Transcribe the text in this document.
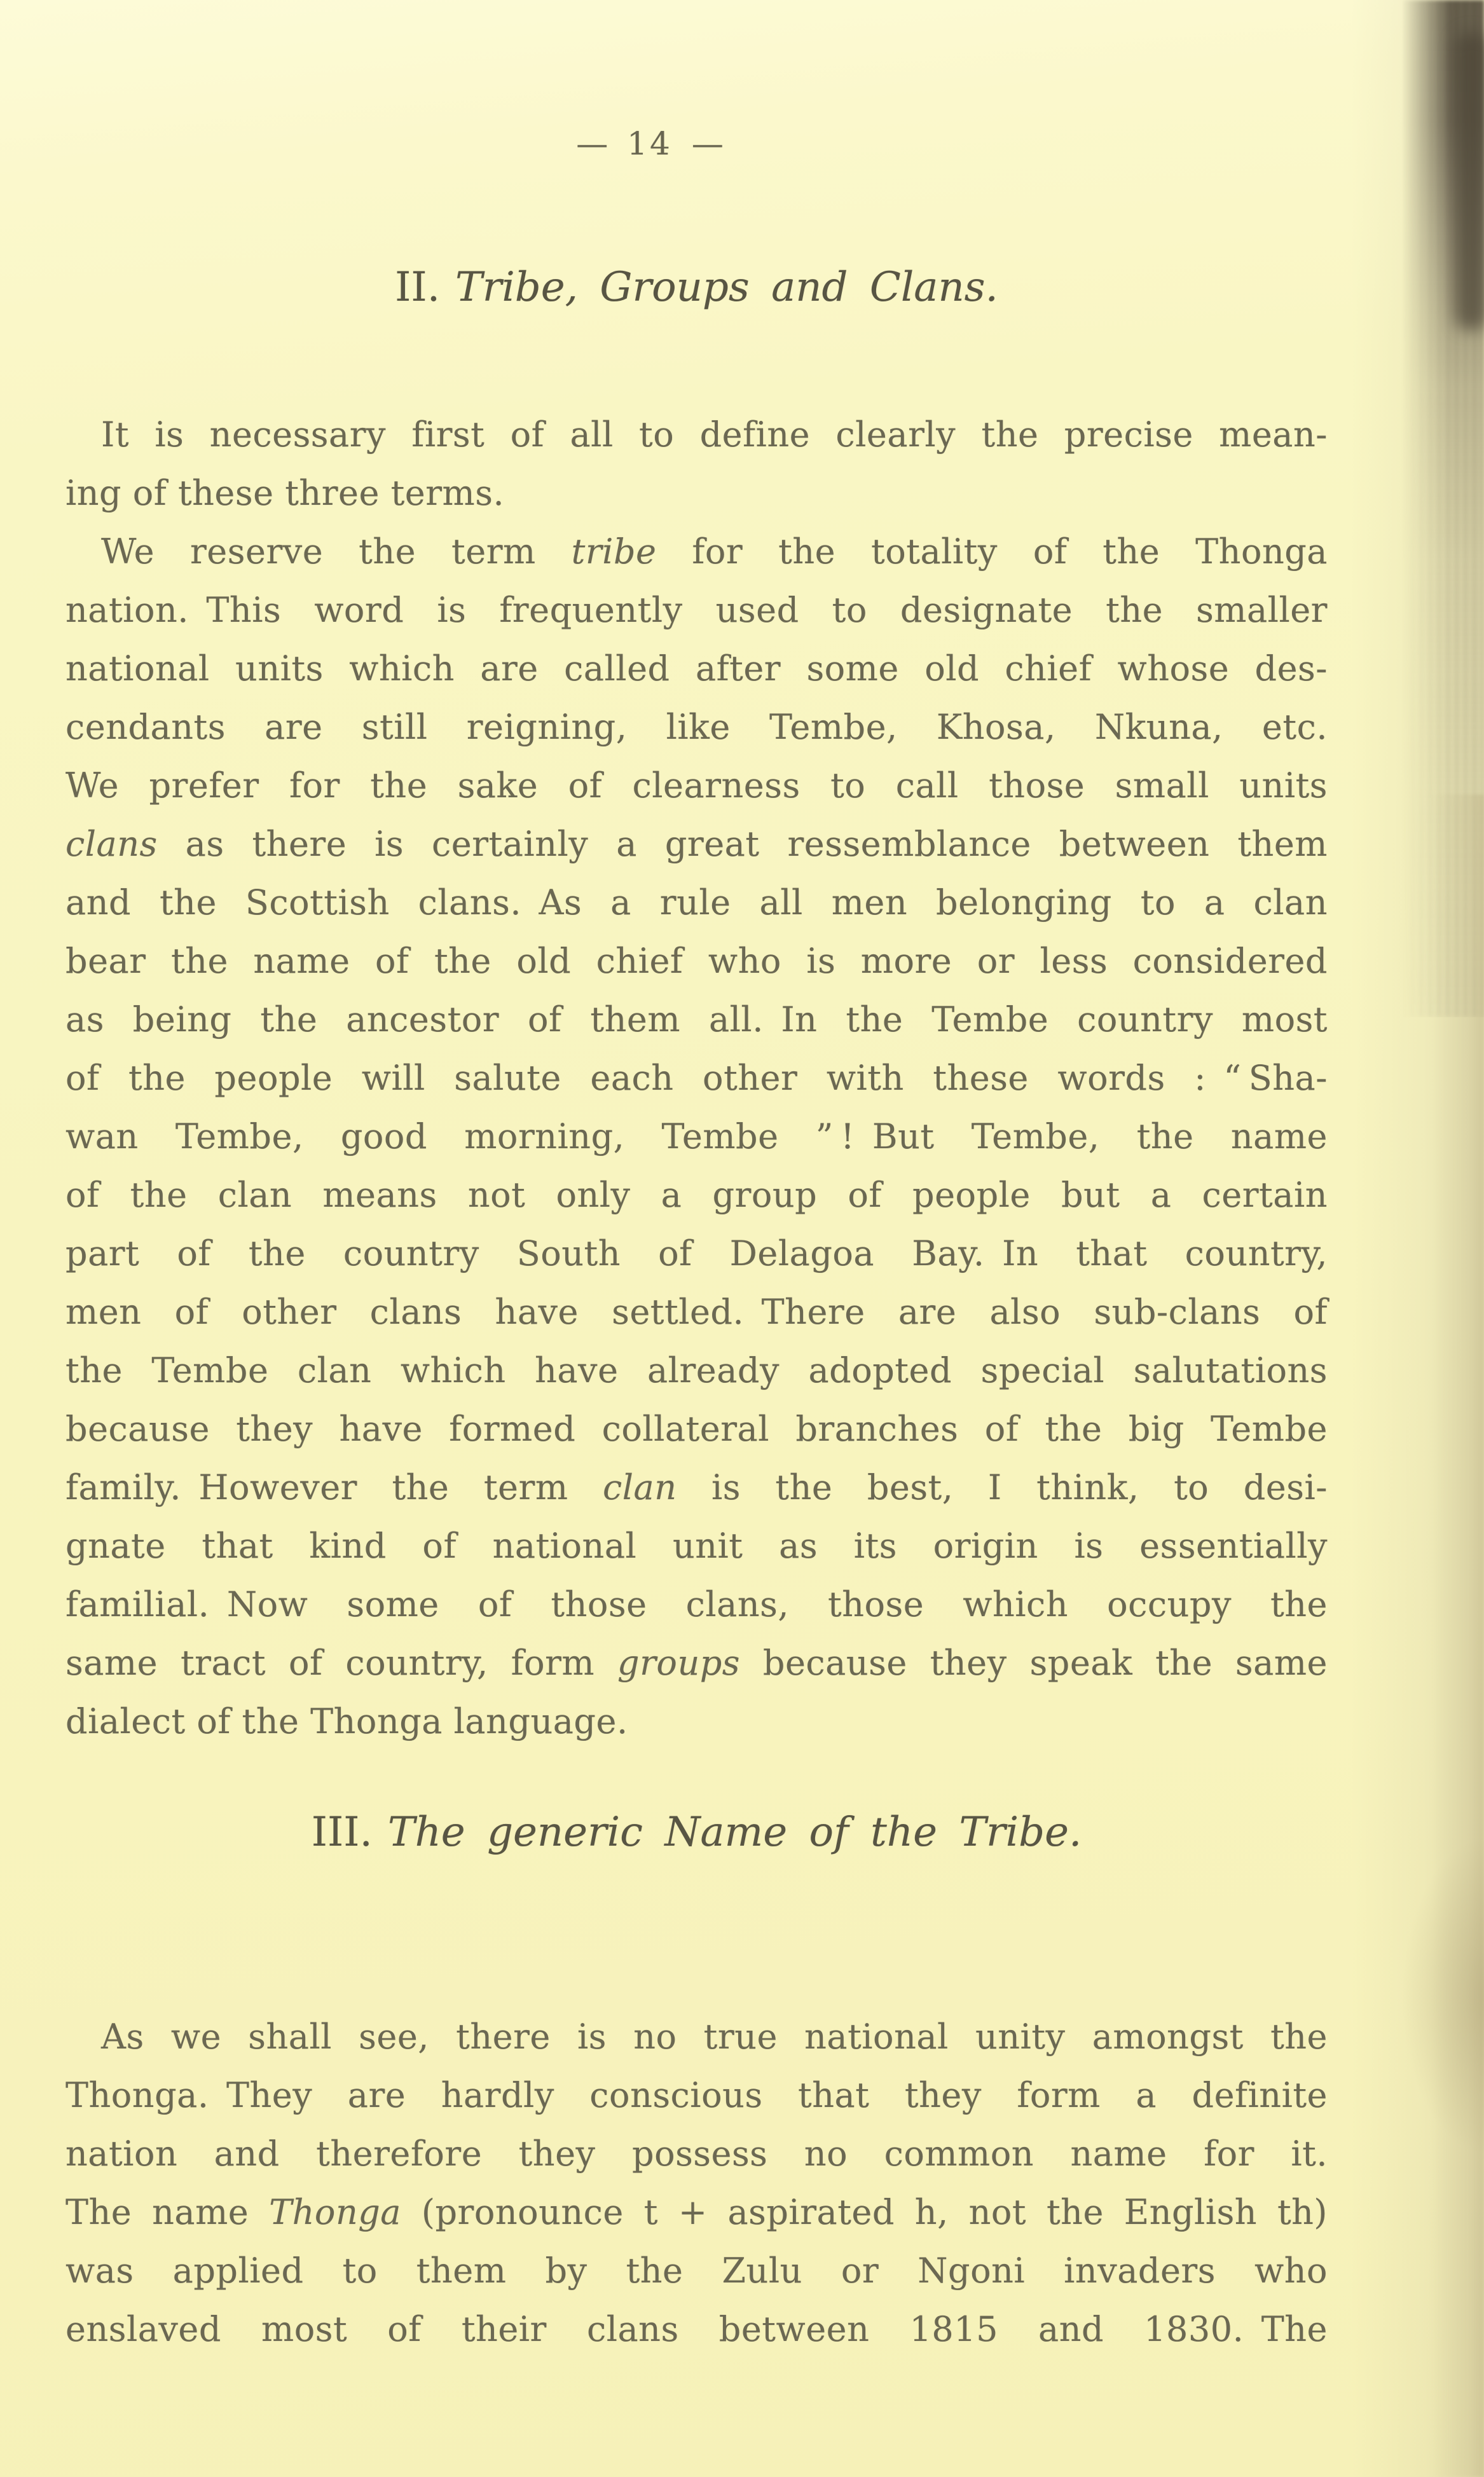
— 14 —
II. Tribe, Groups and Clans.
It is necessary first of all to define clearly the precise mean-
ing of these three terms.
We reserve the term tribe for the totality of the Thonga
nation. This word is frequently used to designate the smaller
national units which are called after some old chief whose des-
cendants are still reigning, like Tembe, Khosa, Nkuna, etc.
We prefer for the sake of clearness to call those small units
clans as there is certainly a great ressemblance between them
and the Scottish clans. As a rule all men belonging to a clan
bear the name of the old chief who is more or less considered
as being the ancestor of them all. In the Tembe country most
of the people will salute each other with these words : “ Sha-
wan Tembe, good morning, Tembe ” ! But Tembe, the name
of the clan means not only a group of people but a certain
part of the country South of Delagoa Bay. In that country,
men of other clans have settled. There are also sub-clans of
the Tembe clan which have already adopted special salutations
because they have formed collateral branches of the big Tembe
family. However the term clan is the best, I think, to desi-
gnate that kind of national unit as its origin is essentially
familial. Now some of those clans, those which occupy the
same tract of country, form groups because they speak the same
dialect of the Thonga language.
III. The generic Name of the Tribe.
As we shall see, there is no true national unity amongst the
Thonga. They are hardly conscious that they form a definite
nation and therefore they possess no common name for it.
The name Thonga (pronounce t + aspirated h, not the English th)
was applied to them by the Zulu or Ngoni invaders who
enslaved most of their clans between 1815 and 1830. The
